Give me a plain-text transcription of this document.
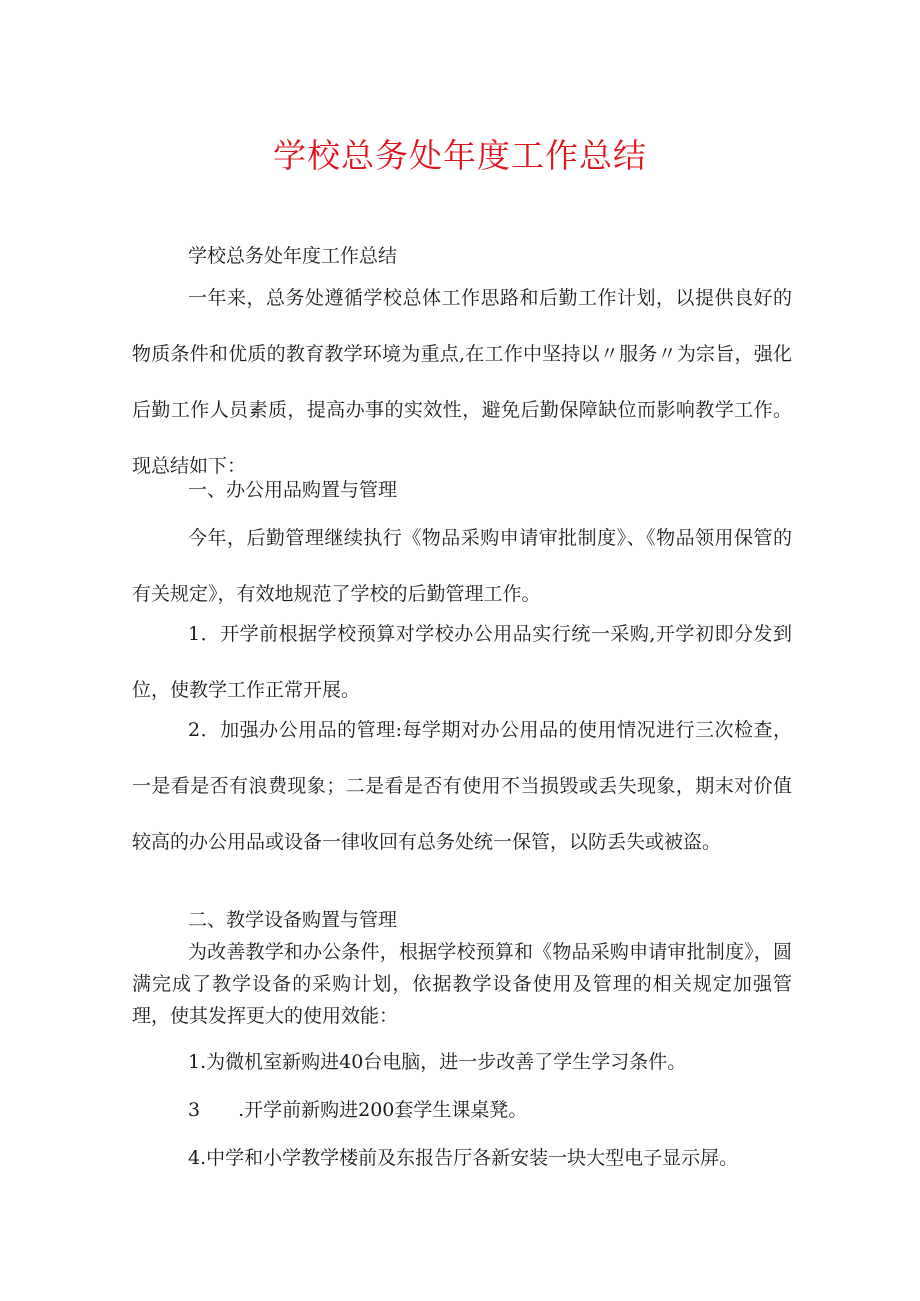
学校总务处年度工作总结

学校总务处年度工作总结

一年来，总务处遵循学校总体工作思路和后勤工作计划，以提供良好的物质条件和优质的教育教学环境为重点,在工作中坚持以〃服务〃为宗旨，强化后勤工作人员素质，提高办事的实效性，避免后勤保障缺位而影响教学工作。现总结如下：

一、办公用品购置与管理

今年，后勤管理继续执行《物品采购申请审批制度》、《物品领用保管的有关规定》，有效地规范了学校的后勤管理工作。

1．开学前根据学校预算对学校办公用品实行统一采购,开学初即分发到位，使教学工作正常开展。

2．加强办公用品的管理:每学期对办公用品的使用情况进行三次检查，一是看是否有浪费现象；二是看是否有使用不当损毁或丢失现象，期末对价值较高的办公用品或设备一律收回有总务处统一保管，以防丢失或被盗。

二、教学设备购置与管理

为改善教学和办公条件，根据学校预算和《物品采购申请审批制度》，圆满完成了教学设备的采购计划，依据教学设备使用及管理的相关规定加强管理，使其发挥更大的使用效能：

1.为微机室新购进40台电脑，进一步改善了学生学习条件。

3　　.开学前新购进200套学生课桌凳。

4.中学和小学教学楼前及东报告厅各新安装一块大型电子显示屏。
